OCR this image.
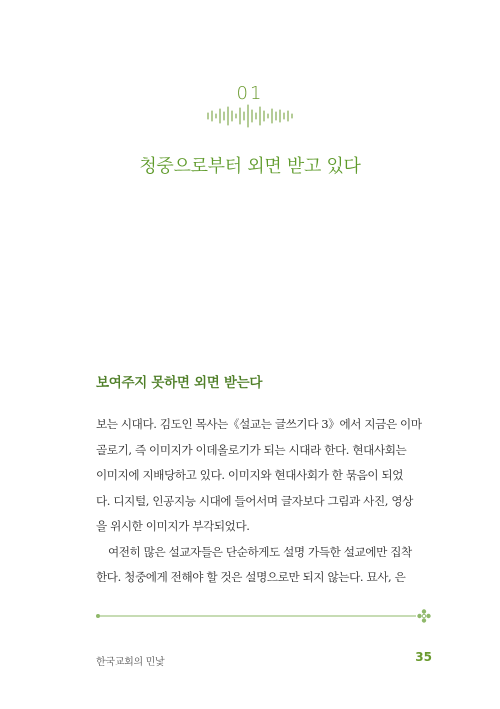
01
청중으로부터 외면 받고 있다
보여주지 못하면 외면 받는다
보는 시대다. 김도인 목사는《설교는 글쓰기다 3》에서 지금은 이마
골로기, 즉 이미지가 이데올로기가 되는 시대라 한다. 현대사회는
이미지에 지배당하고 있다. 이미지와 현대사회가 한 묶음이 되었
다. 디지털, 인공지능 시대에 들어서며 글자보다 그림과 사진, 영상
을 위시한 이미지가 부각되었다.
여전히 많은 설교자들은 단순하게도 설명 가득한 설교에만 집착
한다. 청중에게 전해야 할 것은 설명으로만 되지 않는다. 묘사, 은
한국교회의 민낯	35
